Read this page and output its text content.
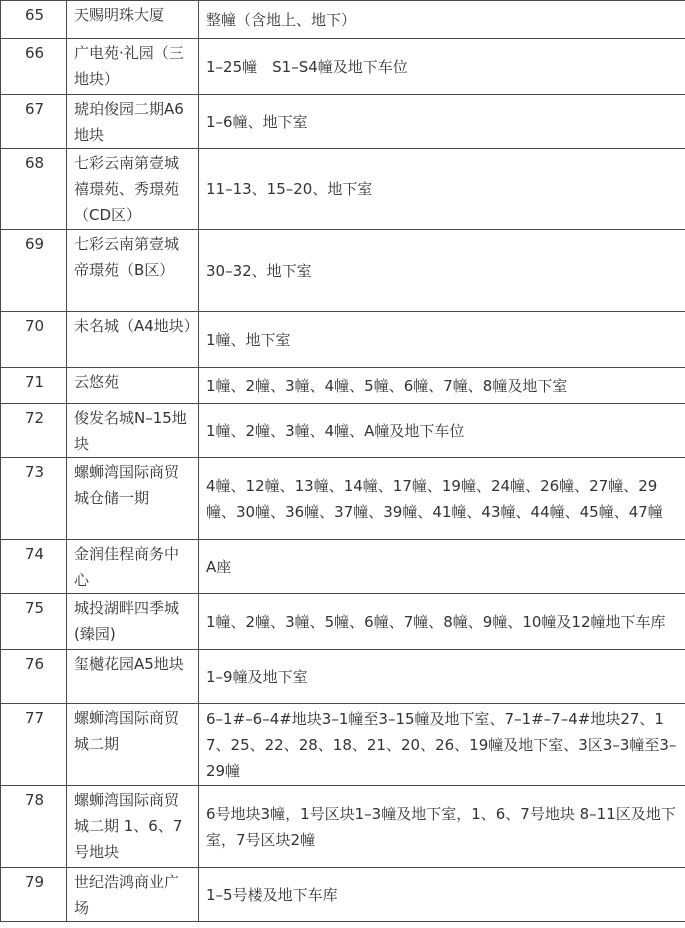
65	天赐明珠大厦	整幢（含地上、地下）
66	广电苑·礼园（三地块）	1–25幢　S1–S4幢及地下车位
67	琥珀俊园二期A6地块	1–6幢、地下室
68	七彩云南第壹城禧璟苑、秀璟苑（CD区）	11–13、15–20、地下室
69	七彩云南第壹城帝璟苑（B区）	30–32、地下室
70	未名城（A4地块）	1幢、地下室
71	云悠苑	1幢、2幢、3幢、4幢、5幢、6幢、7幢、8幢及地下室
72	俊发名城N–15地块	1幢、2幢、3幢、4幢、A幢及地下车位
73	螺蛳湾国际商贸城仓储一期	4幢、12幢、13幢、14幢、17幢、19幢、24幢、26幢、27幢、29幢、30幢、36幢、37幢、39幢、41幢、43幢、44幢、45幢、47幢
74	金润佳程商务中心	A座
75	城投湖畔四季城(臻园)	1幢、2幢、3幢、5幢、6幢、7幢、8幢、9幢、10幢及12幢地下车库
76	玺樾花园A5地块	1–9幢及地下室
77	螺蛳湾国际商贸城二期	6–1#–6–4#地块3–1幢至3–15幢及地下室、7–1#–7–4#地块27、17、25、22、28、18、21、20、26、19幢及地下室、3区3–3幢至3–29幢
78	螺蛳湾国际商贸城二期 1、6、7号地块	6号地块3幢，1号区块1–3幢及地下室，1、6、7号地块 8–11区及地下室，7号区块2幢
79	世纪浩鸿商业广场	1–5号楼及地下车库
